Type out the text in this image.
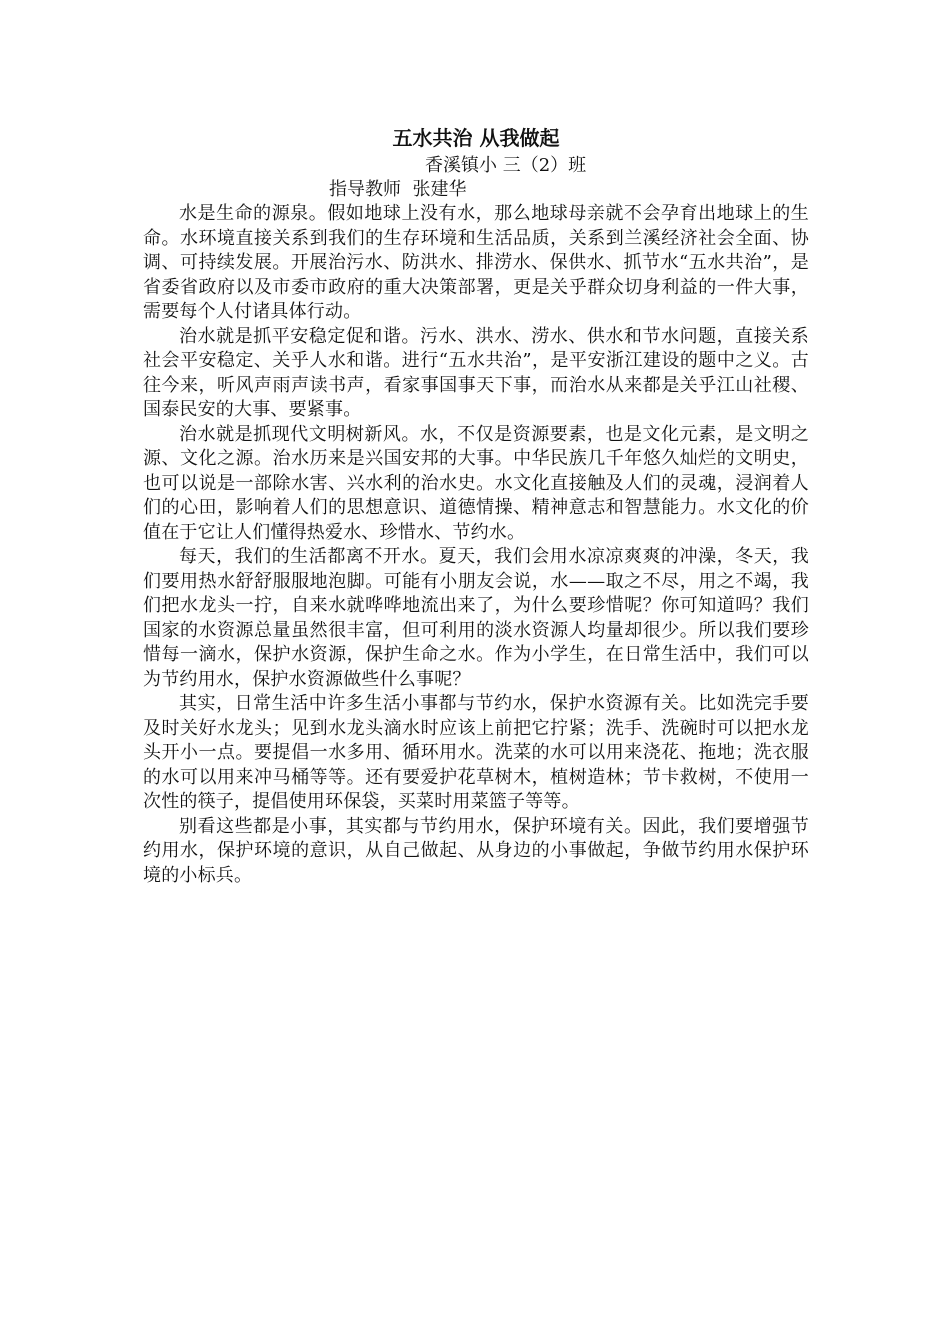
五水共治 从我做起
香溪镇小 三（2）班
指导教师  张建华

水是生命的源泉。假如地球上没有水，那么地球母亲就不会孕育出地球上的生命。水环境直接关系到我们的生存环境和生活品质，关系到兰溪经济社会全面、协调、可持续发展。开展治污水、防洪水、排涝水、保供水、抓节水“五水共治”，是省委省政府以及市委市政府的重大决策部署，更是关乎群众切身利益的一件大事，需要每个人付诸具体行动。

治水就是抓平安稳定促和谐。污水、洪水、涝水、供水和节水问题，直接关系社会平安稳定、关乎人水和谐。进行“五水共治”，是平安浙江建设的题中之义。古往今来，听风声雨声读书声，看家事国事天下事，而治水从来都是关乎江山社稷、国泰民安的大事、要紧事。

治水就是抓现代文明树新风。水，不仅是资源要素，也是文化元素，是文明之源、文化之源。治水历来是兴国安邦的大事。中华民族几千年悠久灿烂的文明史，也可以说是一部除水害、兴水利的治水史。水文化直接触及人们的灵魂，浸润着人们的心田，影响着人们的思想意识、道德情操、精神意志和智慧能力。水文化的价值在于它让人们懂得热爱水、珍惜水、节约水。

每天，我们的生活都离不开水。夏天，我们会用水凉凉爽爽的冲澡，冬天，我们要用热水舒舒服服地泡脚。可能有小朋友会说，水——取之不尽，用之不竭，我们把水龙头一拧，自来水就哗哗地流出来了，为什么要珍惜呢？你可知道吗？我们国家的水资源总量虽然很丰富，但可利用的淡水资源人均量却很少。所以我们要珍惜每一滴水，保护水资源，保护生命之水。作为小学生，在日常生活中，我们可以为节约用水，保护水资源做些什么事呢？

其实，日常生活中许多生活小事都与节约水，保护水资源有关。比如洗完手要及时关好水龙头；见到水龙头滴水时应该上前把它拧紧；洗手、洗碗时可以把水龙头开小一点。要提倡一水多用、循环用水。洗菜的水可以用来浇花、拖地；洗衣服的水可以用来冲马桶等等。还有要爱护花草树木，植树造林；节卡救树，不使用一次性的筷子，提倡使用环保袋，买菜时用菜篮子等等。

别看这些都是小事，其实都与节约用水，保护环境有关。因此，我们要增强节约用水，保护环境的意识，从自己做起、从身边的小事做起，争做节约用水保护环境的小标兵。
